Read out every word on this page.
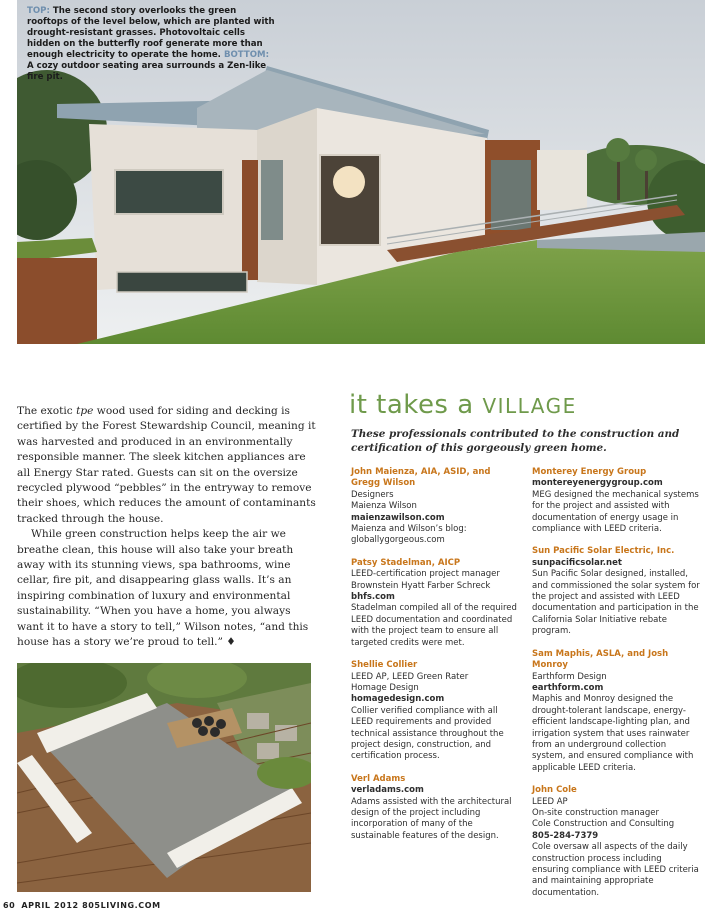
TOP: The second story overlooks the green rooftops of the level below, which are planted with drought-resistant grasses. Photovoltaic cells hidden on the butterfly roof generate more than enough electricity to operate the home. BOTTOM: A cozy outdoor seating area surrounds a Zen-like fire pit.

The exotic tpe wood used for siding and decking is certified by the Forest Stewardship Council, meaning it was harvested and produced in an environmentally responsible manner. The sleek kitchen appliances are all Energy Star rated. Guests can sit on the oversize recycled plywood “pebbles” in the entryway to remove their shoes, which reduces the amount of contaminants tracked through the house.

While green construction helps keep the air we breathe clean, this house will also take your breath away with its stunning views, spa bathrooms, wine cellar, fire pit, and disappearing glass walls. It’s an inspiring combination of luxury and environmental sustainability. “When you have a home, you always want it to have a story to tell,” Wilson notes, “and this house has a story we’re proud to tell.” ♦

it takes a VILLAGE
These professionals contributed to the construction and certification of this gorgeously green home.
John Maienza, AIA, ASID, and Gregg Wilson
Designers
Maienza Wilson
maienzawilson.com
Maienza and Wilson’s blog: globallygorgeous.com
Patsy Stadelman, AICP
LEED-certification project manager
Brownstein Hyatt Farber Schreck
bhfs.com
Stadelman compiled all of the required LEED documentation and coordinated with the project team to ensure all targeted credits were met.
Shellie Collier
LEED AP, LEED Green Rater
Homage Design
homagedesign.com
Collier verified compliance with all LEED requirements and provided technical assistance throughout the project design, construction, and certification process.
Verl Adams
verladams.com
Adams assisted with the architectural design of the project including incorporation of many of the sustainable features of the design.
Monterey Energy Group
montereyenergygroup.com
MEG designed the mechanical systems for the project and assisted with documentation of energy usage in compliance with LEED criteria.
Sun Pacific Solar Electric, Inc.
sunpacificsolar.net
Sun Pacific Solar designed, installed, and commissioned the solar system for the project and assisted with LEED documentation and participation in the California Solar Initiative rebate program.
Sam Maphis, ASLA, and Josh Monroy
Earthform Design
earthform.com
Maphis and Monroy designed the drought-tolerant landscape, energy-efficient landscape-lighting plan, and irrigation system that uses rainwater from an underground collection system, and ensured compliance with applicable LEED criteria.
John Cole
LEED AP
On-site construction manager
Cole Construction and Consulting
805-284-7379
Cole oversaw all aspects of the daily construction process including ensuring compliance with LEED criteria and maintaining appropriate documentation.
60 APRIL 2012 805LIVING.COM
